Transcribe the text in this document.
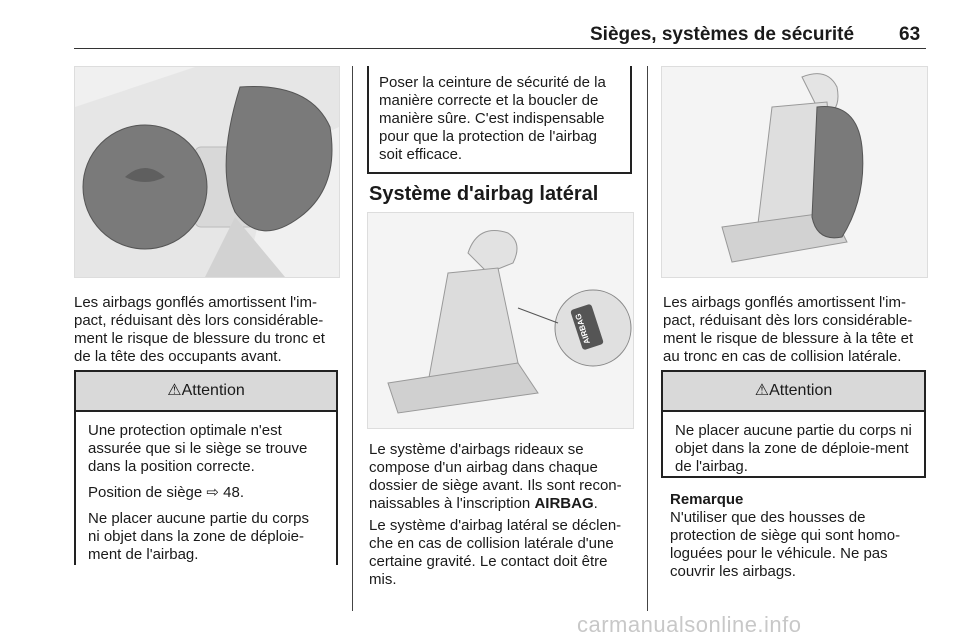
Sièges, systèmes de sécurité 63
Les airbags gonflés amortissent l'im-pact, réduisant dès lors considérable-ment le risque de blessure du tronc et de la tête des occupants avant.
⚠Attention

Une protection optimale n'est assurée que si le siège se trouve dans la position correcte.

Position de siège ⇨ 48.

Ne placer aucune partie du corps ni objet dans la zone de déploie-ment de l'airbag.

Poser la ceinture de sécurité de la manière correcte et la boucler de manière sûre. C'est indispensable pour que la protection de l'airbag soit efficace.
Système d'airbag latéral
AIRBAG
Le système d'airbags rideaux se compose d'un airbag dans chaque dossier de siège avant. Ils sont recon-naissables à l'inscription AIRBAG.
Le système d'airbag latéral se déclen-che en cas de collision latérale d'une certaine gravité. Le contact doit être mis.
Les airbags gonflés amortissent l'im-pact, réduisant dès lors considérable-ment le risque de blessure à la tête et au tronc en cas de collision latérale.
⚠Attention

Ne placer aucune partie du corps ni objet dans la zone de déploie-ment de l'airbag.

Remarque
N'utiliser que des housses de protection de siège qui sont homo-loguées pour le véhicule. Ne pas couvrir les airbags.
carmanualsonline.info
